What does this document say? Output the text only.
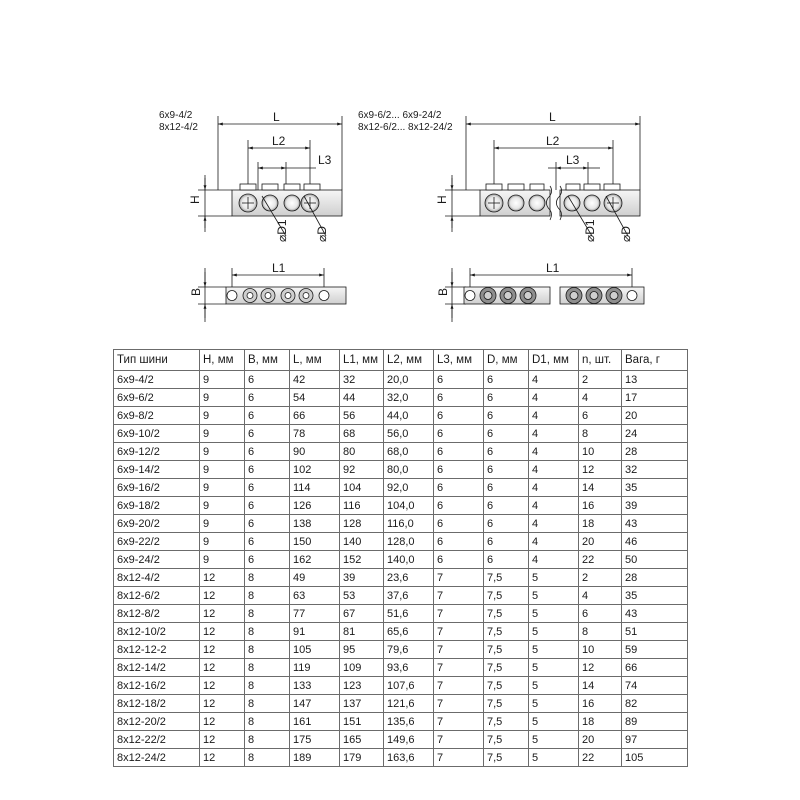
6x9-4/2
8x12-4/2
6x9-6/2... 6x9-24/2
8x12-6/2... 8x12-24/2
L
L2
L3
H
⌀D1 ⌀D
L1
B
L
L2
L3
H
⌀D1 ⌀D
L1
B
Тип шини	H, мм	B, мм	L, мм	L1, мм	L2, мм	L3, мм	D, мм	D1, мм	n, шт.	Вага, г
6x9-4/2	9	6	42	32	20,0	6	6	4	2	13
6x9-6/2	9	6	54	44	32,0	6	6	4	4	17
6x9-8/2	9	6	66	56	44,0	6	6	4	6	20
6x9-10/2	9	6	78	68	56,0	6	6	4	8	24
6x9-12/2	9	6	90	80	68,0	6	6	4	10	28
6x9-14/2	9	6	102	92	80,0	6	6	4	12	32
6x9-16/2	9	6	114	104	92,0	6	6	4	14	35
6x9-18/2	9	6	126	116	104,0	6	6	4	16	39
6x9-20/2	9	6	138	128	116,0	6	6	4	18	43
6x9-22/2	9	6	150	140	128,0	6	6	4	20	46
6x9-24/2	9	6	162	152	140,0	6	6	4	22	50
8x12-4/2	12	8	49	39	23,6	7	7,5	5	2	28
8x12-6/2	12	8	63	53	37,6	7	7,5	5	4	35
8x12-8/2	12	8	77	67	51,6	7	7,5	5	6	43
8x12-10/2	12	8	91	81	65,6	7	7,5	5	8	51
8x12-12-2	12	8	105	95	79,6	7	7,5	5	10	59
8x12-14/2	12	8	119	109	93,6	7	7,5	5	12	66
8x12-16/2	12	8	133	123	107,6	7	7,5	5	14	74
8x12-18/2	12	8	147	137	121,6	7	7,5	5	16	82
8x12-20/2	12	8	161	151	135,6	7	7,5	5	18	89
8x12-22/2	12	8	175	165	149,6	7	7,5	5	20	97
8x12-24/2	12	8	189	179	163,6	7	7,5	5	22	105
